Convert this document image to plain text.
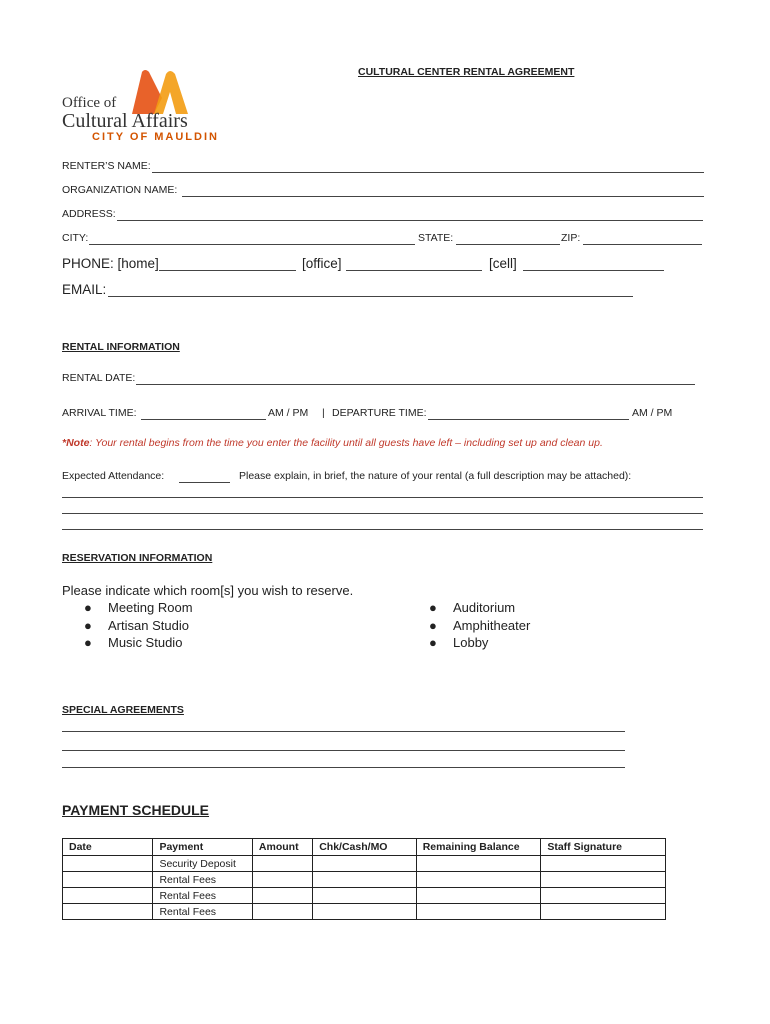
Office of
Cultural Affairs
CITY OF MAULDIN
CULTURAL CENTER RENTAL AGREEMENT
RENTER’S NAME:
ORGANIZATION NAME:
ADDRESS:
CITY:	STATE:	ZIP:
PHONE: [home]	[office]	[cell]
EMAIL:
RENTAL INFORMATION
RENTAL DATE:
ARRIVAL TIME:	AM / PM | DEPARTURE TIME:	AM / PM
*Note: Your rental begins from the time you enter the facility until all guests have left – including set up and clean up.
Expected Attendance:	Please explain, in brief, the nature of your rental (a full description may be attached):
RESERVATION INFORMATION
Please indicate which room[s] you wish to reserve.
● Meeting Room
● Artisan Studio
● Music Studio
● Auditorium
● Amphitheater
● Lobby
SPECIAL AGREEMENTS
PAYMENT SCHEDULE
Date	Payment	Amount	Chk/Cash/MO	Remaining Balance	Staff Signature
	Security Deposit				
	Rental Fees				
	Rental Fees				
	Rental Fees				
